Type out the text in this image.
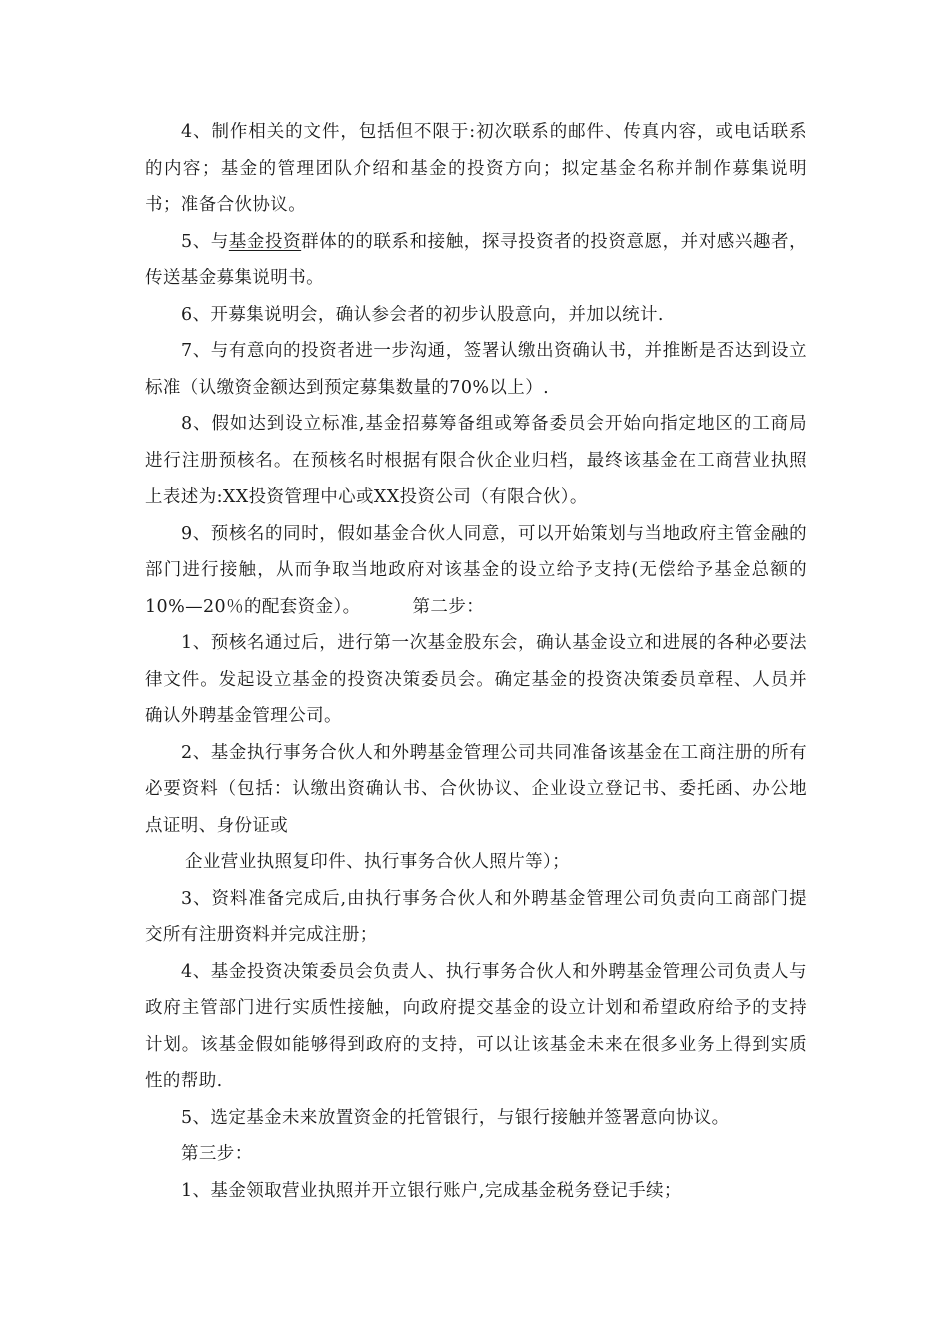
4、制作相关的文件，包括但不限于:初次联系的邮件、传真内容，或电话联系的内容；基金的管理团队介绍和基金的投资方向；拟定基金名称并制作募集说明书；准备合伙协议。

5、与基金投资群体的的联系和接触，探寻投资者的投资意愿，并对感兴趣者，传送基金募集说明书。

6、开募集说明会，确认参会者的初步认股意向，并加以统计.

7、与有意向的投资者进一步沟通，签署认缴出资确认书，并推断是否达到设立标准（认缴资金额达到预定募集数量的70%以上）.

8、假如达到设立标准,基金招募筹备组或筹备委员会开始向指定地区的工商局进行注册预核名。在预核名时根据有限合伙企业归档，最终该基金在工商营业执照上表述为:XX投资管理中心或XX投资公司（有限合伙）。

9、预核名的同时，假如基金合伙人同意，可以开始策划与当地政府主管金融的部门进行接触，从而争取当地政府对该基金的设立给予支持(无偿给予基金总额的10%—20％的配套资金）。	第二步：

1、预核名通过后，进行第一次基金股东会，确认基金设立和进展的各种必要法律文件。发起设立基金的投资决策委员会。确定基金的投资决策委员章程、人员并确认外聘基金管理公司。

2、基金执行事务合伙人和外聘基金管理公司共同准备该基金在工商注册的所有必要资料（包括：认缴出资确认书、合伙协议、企业设立登记书、委托函、办公地点证明、身份证或

企业营业执照复印件、执行事务合伙人照片等）；

3、资料准备完成后,由执行事务合伙人和外聘基金管理公司负责向工商部门提交所有注册资料并完成注册；

4、基金投资决策委员会负责人、执行事务合伙人和外聘基金管理公司负责人与政府主管部门进行实质性接触，向政府提交基金的设立计划和希望政府给予的支持计划。该基金假如能够得到政府的支持，可以让该基金未来在很多业务上得到实质性的帮助.

5、选定基金未来放置资金的托管银行，与银行接触并签署意向协议。

第三步：

1、基金领取营业执照并开立银行账户,完成基金税务登记手续；
